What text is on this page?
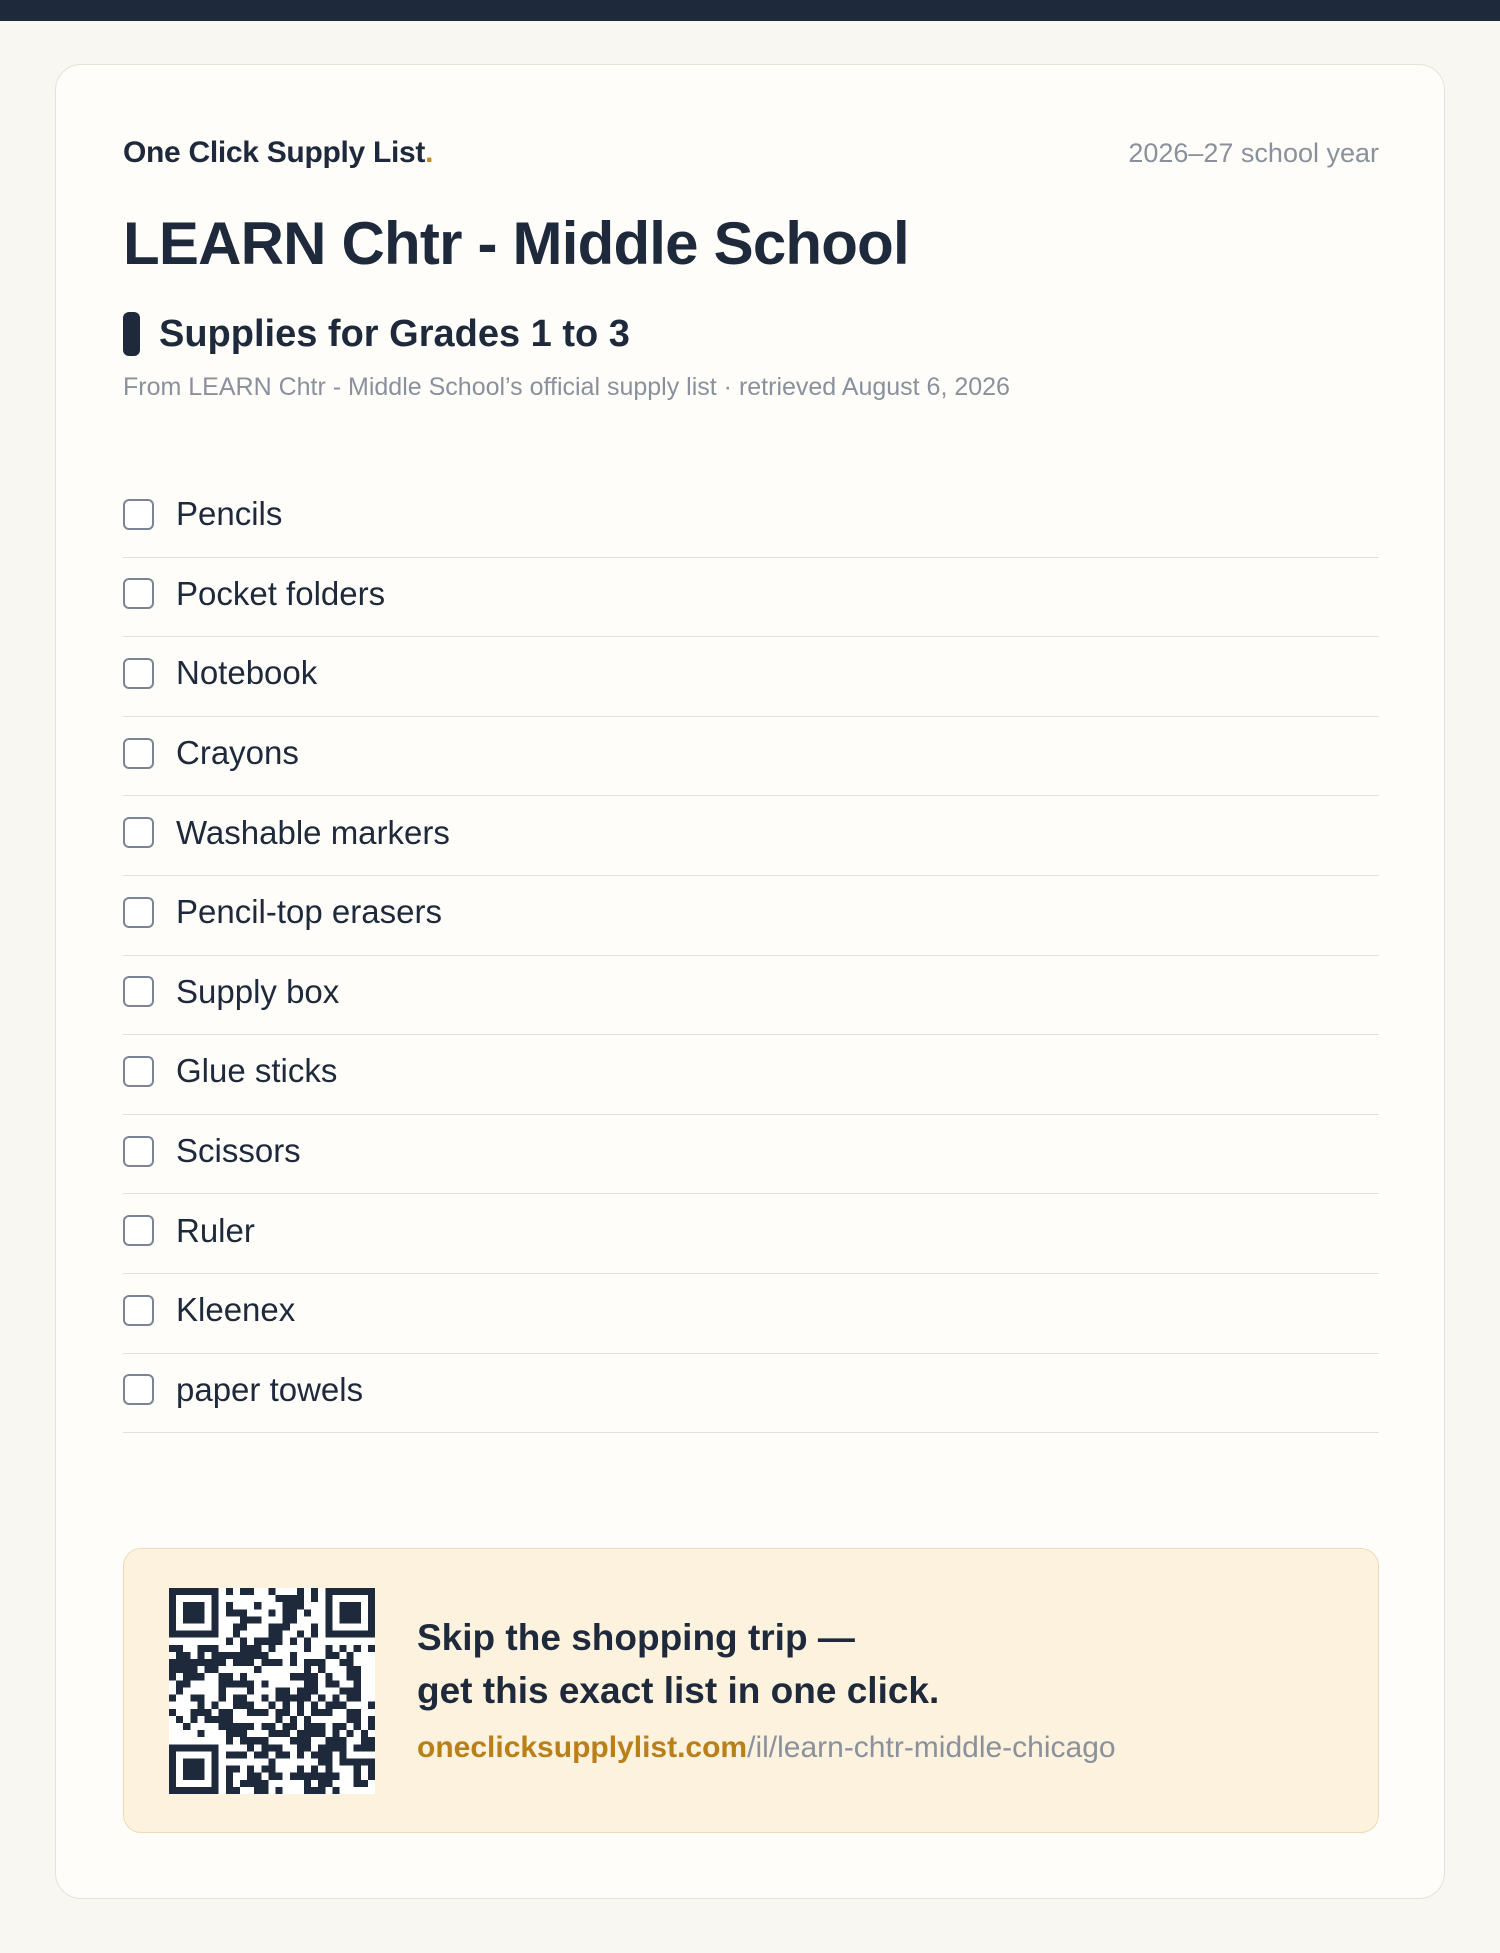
One Click Supply List.	2026–27 school year
LEARN Chtr - Middle School
Supplies for Grades 1 to 3

From LEARN Chtr - Middle School’s official supply list · retrieved August 6, 2026

Pencils
Pocket folders
Notebook
Crayons
Washable markers
Pencil-top erasers
Supply box
Glue sticks
Scissors
Ruler
Kleenex
paper towels
Skip the shopping trip —
get this exact list in one click.
oneclicksupplylist.com/il/learn-chtr-middle-chicago
